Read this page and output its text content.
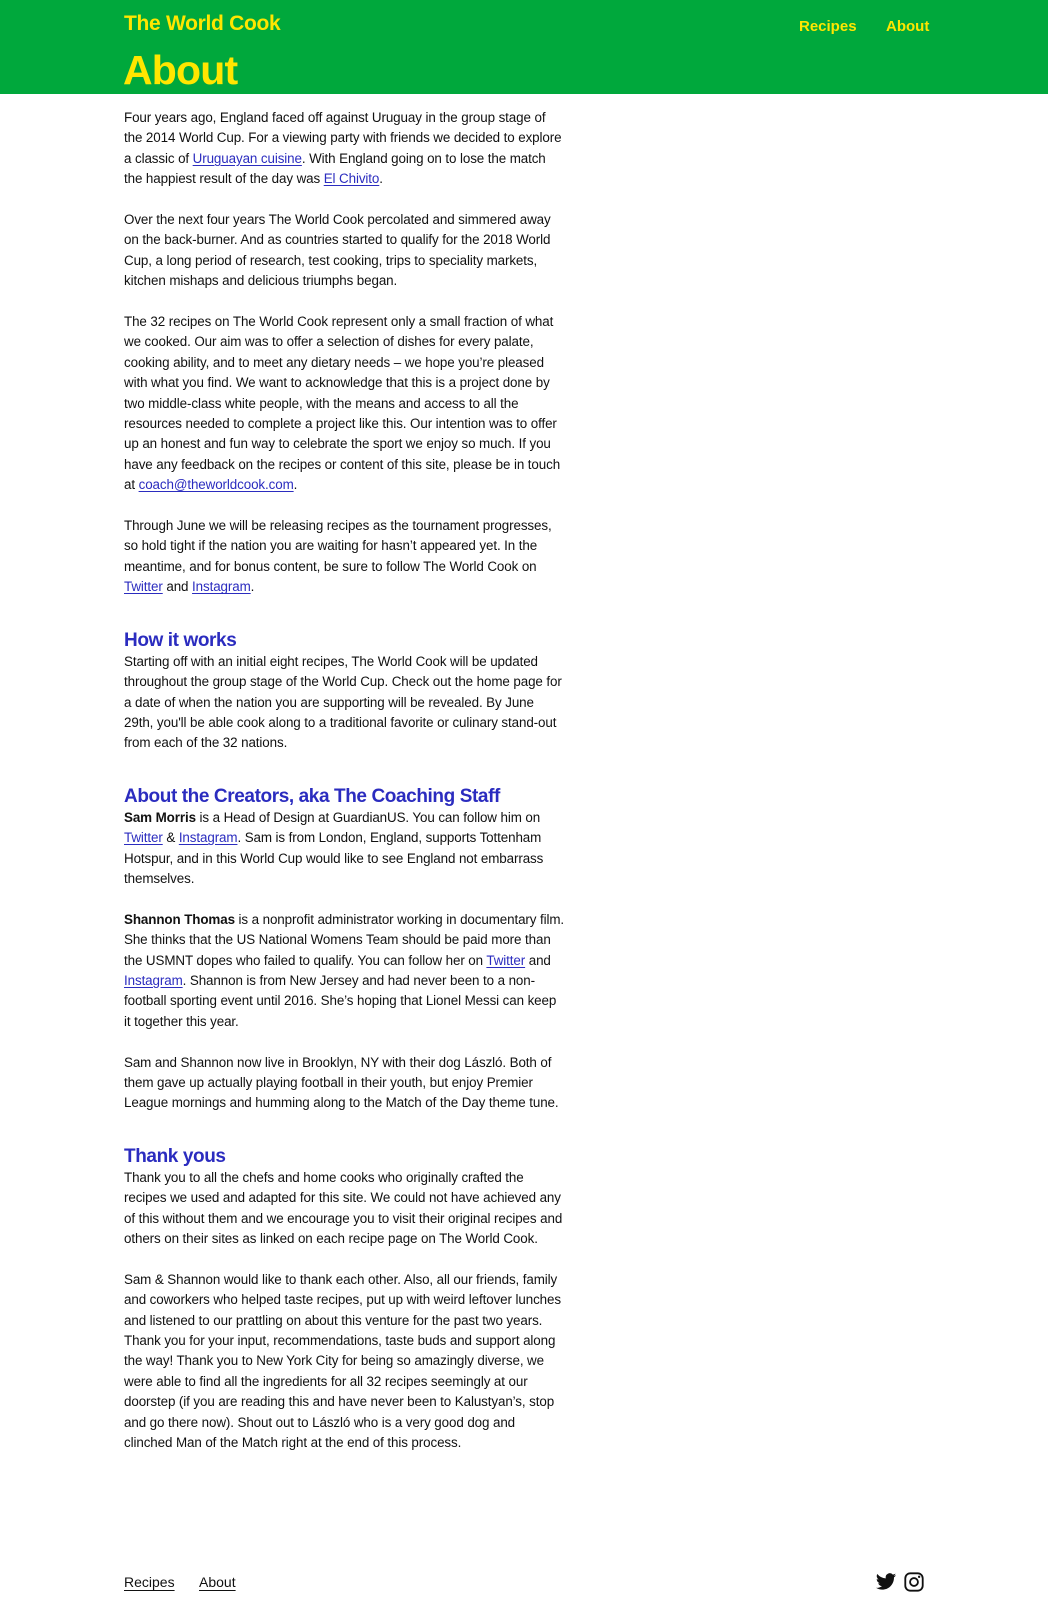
The World Cook	Recipes About
About

Four years ago, England faced off against Uruguay in the group stage of the 2014 World Cup. For a viewing party with friends we decided to explore a classic of Uruguayan cuisine. With England going on to lose the match the happiest result of the day was El Chivito.

Over the next four years The World Cook percolated and simmered away on the back-burner. And as countries started to qualify for the 2018 World Cup, a long period of research, test cooking, trips to speciality markets, kitchen mishaps and delicious triumphs began.

The 32 recipes on The World Cook represent only a small fraction of what we cooked. Our aim was to offer a selection of dishes for every palate, cooking ability, and to meet any dietary needs – we hope you’re pleased with what you find. We want to acknowledge that this is a project done by two middle-class white people, with the means and access to all the resources needed to complete a project like this. Our intention was to offer up an honest and fun way to celebrate the sport we enjoy so much. If you have any feedback on the recipes or content of this site, please be in touch at coach@theworldcook.com.

Through June we will be releasing recipes as the tournament progresses, so hold tight if the nation you are waiting for hasn’t appeared yet. In the meantime, and for bonus content, be sure to follow The World Cook on Twitter and Instagram.

How it works

Starting off with an initial eight recipes, The World Cook will be updated throughout the group stage of the World Cup. Check out the home page for a date of when the nation you are supporting will be revealed. By June 29th, you'll be able cook along to a traditional favorite or culinary stand-out from each of the 32 nations.

About the Creators, aka The Coaching Staff

Sam Morris is a Head of Design at GuardianUS. You can follow him on Twitter & Instagram. Sam is from London, England, supports Tottenham Hotspur, and in this World Cup would like to see England not embarrass themselves.

Shannon Thomas is a nonprofit administrator working in documentary film. She thinks that the US National Womens Team should be paid more than the USMNT dopes who failed to qualify. You can follow her on Twitter and Instagram. Shannon is from New Jersey and had never been to a non-football sporting event until 2016. She’s hoping that Lionel Messi can keep it together this year.

Sam and Shannon now live in Brooklyn, NY with their dog László. Both of them gave up actually playing football in their youth, but enjoy Premier League mornings and humming along to the Match of the Day theme tune.

Thank yous

Thank you to all the chefs and home cooks who originally crafted the recipes we used and adapted for this site. We could not have achieved any of this without them and we encourage you to visit their original recipes and others on their sites as linked on each recipe page on The World Cook.

Sam & Shannon would like to thank each other. Also, all our friends, family and coworkers who helped taste recipes, put up with weird leftover lunches and listened to our prattling on about this venture for the past two years. Thank you for your input, recommendations, taste buds and support along the way! Thank you to New York City for being so amazingly diverse, we were able to find all the ingredients for all 32 recipes seemingly at our doorstep (if you are reading this and have never been to Kalustyan’s, stop and go there now). Shout out to László who is a very good dog and clinched Man of the Match right at the end of this process.

Recipes About
